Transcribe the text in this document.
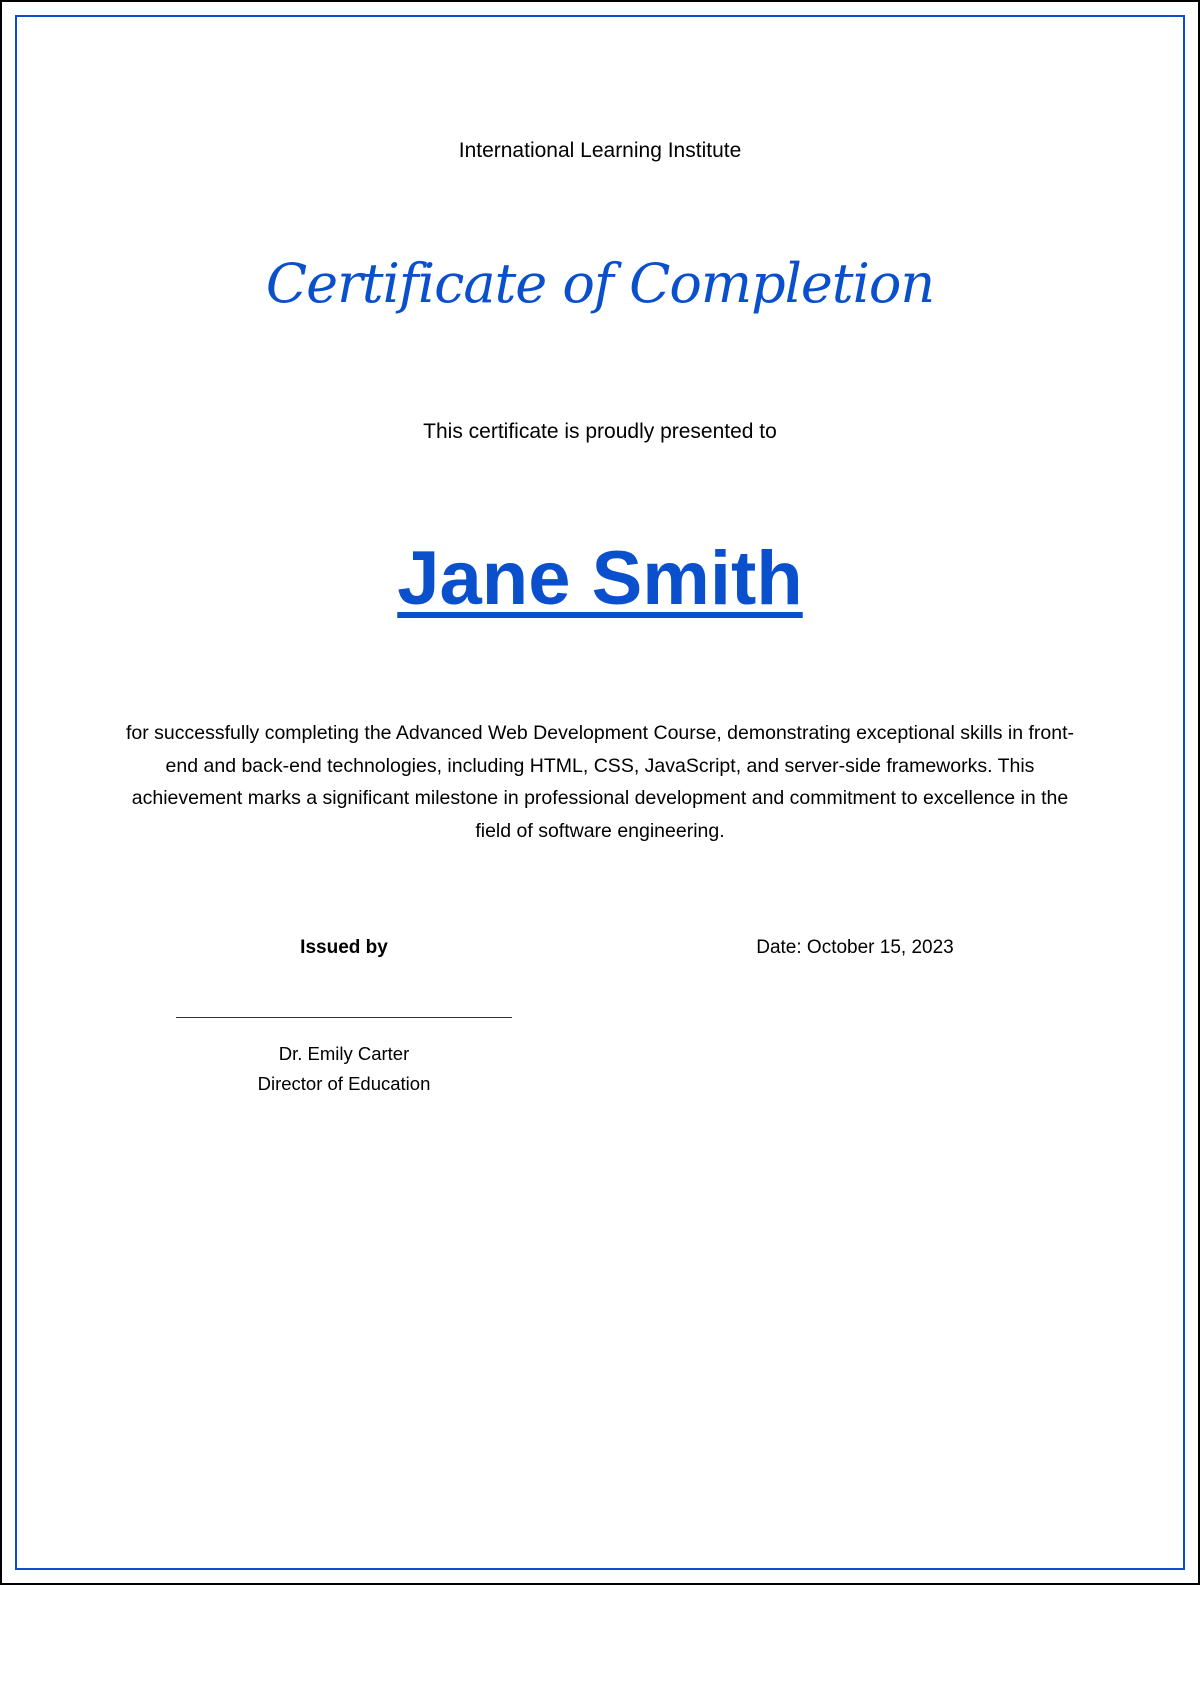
International Learning Institute
Certificate of Completion
This certificate is proudly presented to
Jane Smith
for successfully completing the Advanced Web Development Course, demonstrating exceptional skills in front-end and back-end technologies, including HTML, CSS, JavaScript, and server-side frameworks. This achievement marks a significant milestone in professional development and commitment to excellence in the field of software engineering.
Issued by	Date: October 15, 2023
Dr. Emily Carter
Director of Education
